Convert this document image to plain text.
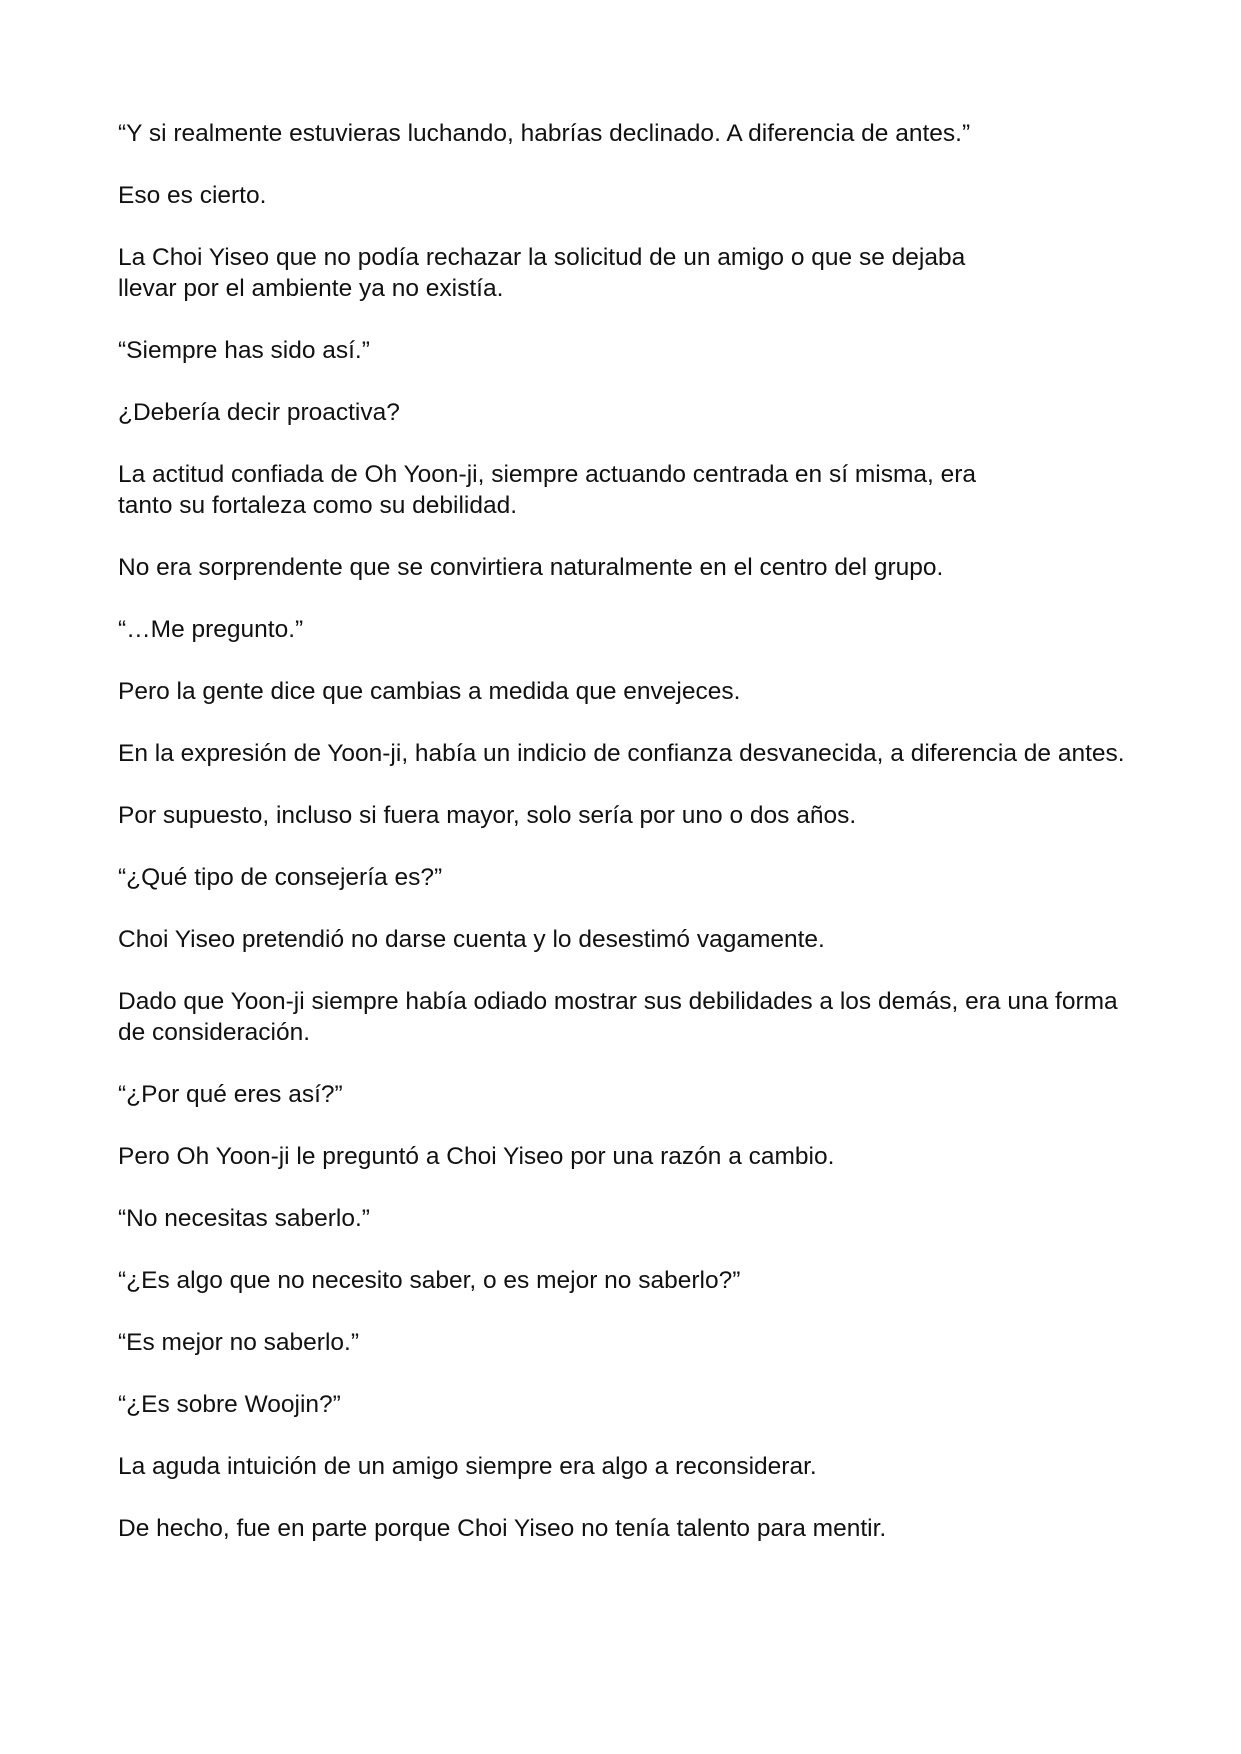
“Y si realmente estuvieras luchando, habrías declinado. A diferencia de antes.”

Eso es cierto.

La Choi Yiseo que no podía rechazar la solicitud de un amigo o que se dejaba llevar por el ambiente ya no existía.

“Siempre has sido así.”

¿Debería decir proactiva?

La actitud confiada de Oh Yoon-ji, siempre actuando centrada en sí misma, era tanto su fortaleza como su debilidad.

No era sorprendente que se convirtiera naturalmente en el centro del grupo.

“…Me pregunto.”

Pero la gente dice que cambias a medida que envejeces.

En la expresión de Yoon-ji, había un indicio de confianza desvanecida, a diferencia de antes.

Por supuesto, incluso si fuera mayor, solo sería por uno o dos años.

“¿Qué tipo de consejería es?”

Choi Yiseo pretendió no darse cuenta y lo desestimó vagamente.

Dado que Yoon-ji siempre había odiado mostrar sus debilidades a los demás, era una forma de consideración.

“¿Por qué eres así?”

Pero Oh Yoon-ji le preguntó a Choi Yiseo por una razón a cambio.

“No necesitas saberlo.”

“¿Es algo que no necesito saber, o es mejor no saberlo?”

“Es mejor no saberlo.”

“¿Es sobre Woojin?”

La aguda intuición de un amigo siempre era algo a reconsiderar.

De hecho, fue en parte porque Choi Yiseo no tenía talento para mentir.
